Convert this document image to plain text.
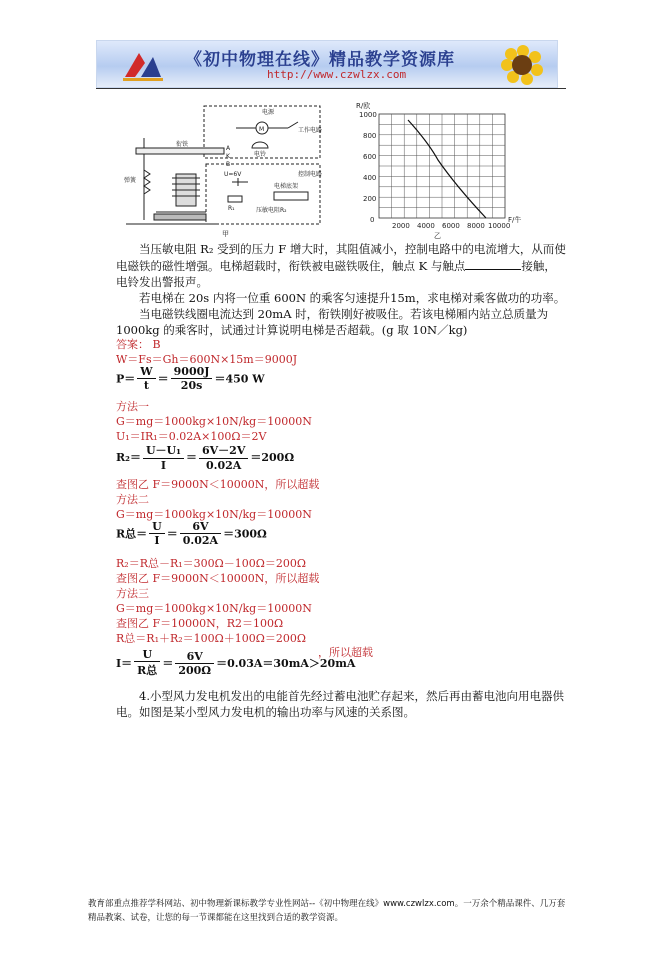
《初中物理在线》精品教学资源库
http://www.czwlzx.com
电源
M	工作电路
电铃
衔铁
弹簧
A
K
B
U=6V
R₁
电梯底架
控制电路
压敏电阻R₂
甲
R/欧
F/牛
1000
800
600
400
200
0
2000 4000 6000 8000 10000
乙
当压敏电阻 R₂ 受到的压力 F 增大时，其阻值减小，控制电路中的电流增大，从而使电磁铁的磁性增强。电梯超载时，衔铁被电磁铁吸住，触点 K 与触点	接触，电铃发出警报声。
若电梯在 20s 内将一位重 600N 的乘客匀速提升15m，求电梯对乘客做功的功率。
当电磁铁线圈电流达到 20mA 时，衔铁刚好被吸住。若该电梯厢内站立总质量为 1000kg 的乘客时，试通过计算说明电梯是否超载。(g 取 10N／kg)
答案： B
W＝Fs＝Gh＝600N×15m＝9000J
$P= \frac{W}{t} = \frac{9000J}{20s} =450$ W
方法一
G＝mg＝1000kg×10N/kg＝10000N
U₁＝IR₁＝0.02A×100Ω＝2V
$R_2= \frac{\text{U－U₁}}{I} = \frac{6V-2V}{0.02A} =200\Omega$
查图乙 F＝9000N＜10000N，所以超载
方法二
G＝mg＝1000kg×10N/kg＝10000N
R总＝ $\frac{U}{I} = \frac{6V}{0.02A} =300\Omega$
R₂＝R总－R₁＝300Ω－100Ω＝200Ω
查图乙 F＝9000N＜10000N，所以超载
方法三
G＝mg＝1000kg×10N/kg＝10000N
查图乙 F＝10000N，R2＝100Ω
R总＝R₁＋R₂＝100Ω＋100Ω＝200Ω
$I= \frac{U}{\text{R总}} = \frac{6V}{200\Omega} =0.03A=30mA>20mA$
，所以超载
4.小型风力发电机发出的电能首先经过蓄电池贮存起来，然后再由蓄电池向用电器供电。如图是某小型风力发电机的输出功率与风速的关系图。
教育部重点推荐学科网站、初中物理新课标教学专业性网站--《初中物理在线》www.czwlzx.com。一万余个精品课件、几万套精品教案、试卷，让您的每一节课都能在这里找到合适的教学资源。
